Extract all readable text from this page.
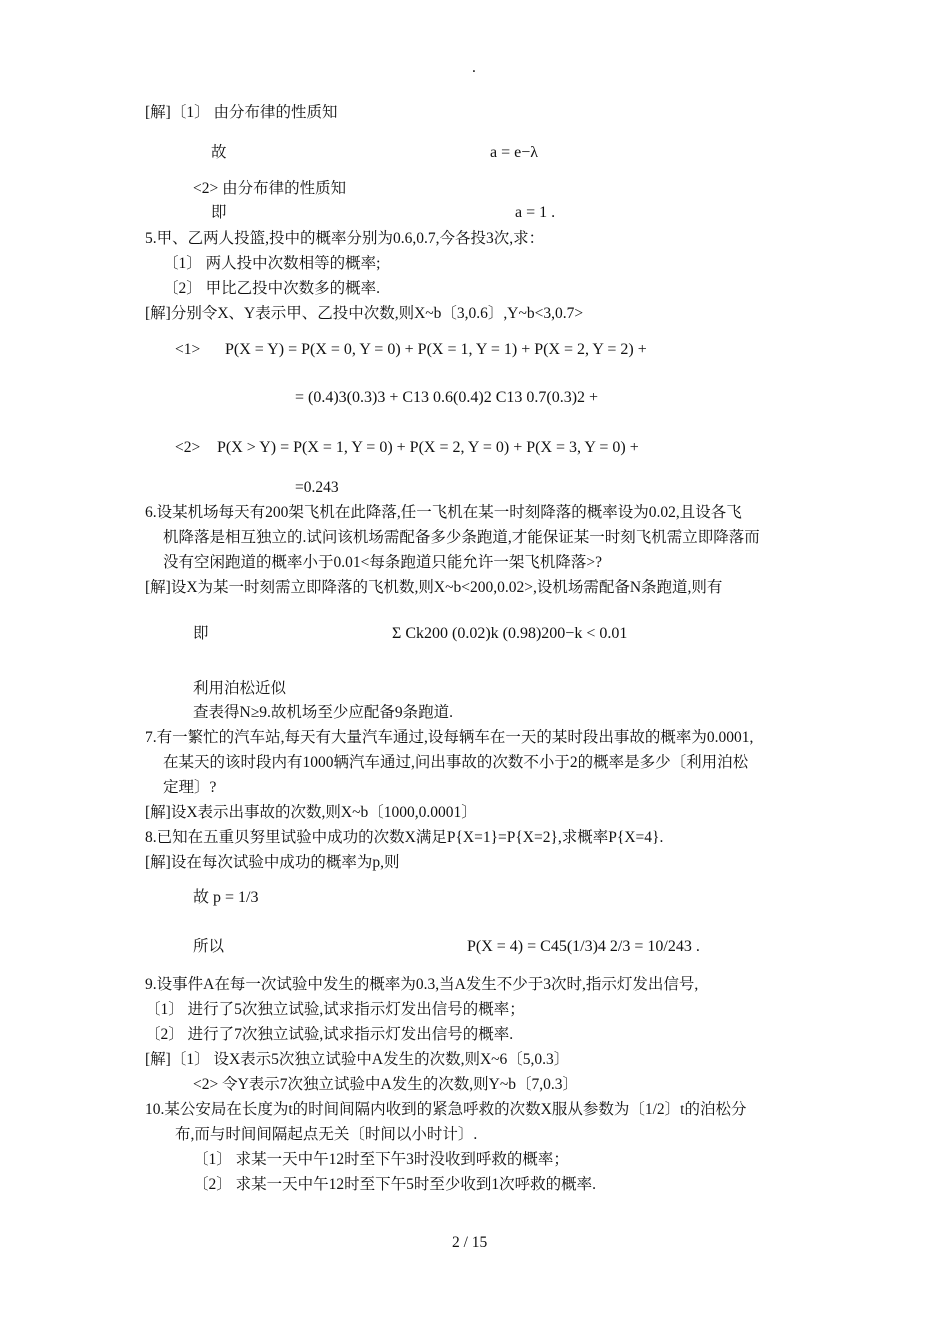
.
[解]〔1〕 由分布律的性质知
故	a = e−λ
<2> 由分布律的性质知
即	a = 1 .
5.甲、乙两人投篮,投中的概率分别为0.6,0.7,今各投3次,求：
〔1〕 两人投中次数相等的概率;
〔2〕 甲比乙投中次数多的概率.
[解]分别令X、Y表示甲、乙投中次数,则X~b〔3,0.6〕,Y~b<3,0.7>
<1> P(X = Y) = P(X = 0, Y = 0) + P(X = 1, Y = 1) + P(X = 2, Y = 2) +
= (0.4)3(0.3)3 + C13 0.6(0.4)2 C13 0.7(0.3)2 +
<2> P(X > Y) = P(X = 1, Y = 0) + P(X = 2, Y = 0) + P(X = 3, Y = 0) +
=0.243
6.设某机场每天有200架飞机在此降落,任一飞机在某一时刻降落的概率设为0.02,且设各飞
机降落是相互独立的.试问该机场需配备多少条跑道,才能保证某一时刻飞机需立即降落而
没有空闲跑道的概率小于0.01<每条跑道只能允许一架飞机降落>?
[解]设X为某一时刻需立即降落的飞机数,则X~b<200,0.02>,设机场需配备N条跑道,则有
即	Σ Ck200 (0.02)k (0.98)200−k < 0.01
利用泊松近似
查表得N≥9.故机场至少应配备9条跑道.
7.有一繁忙的汽车站,每天有大量汽车通过,设每辆车在一天的某时段出事故的概率为0.0001,
在某天的该时段内有1000辆汽车通过,问出事故的次数不小于2的概率是多少〔利用泊松
定理〕?
[解]设X表示出事故的次数,则X~b〔1000,0.0001〕
8.已知在五重贝努里试验中成功的次数X满足P{X=1}=P{X=2},求概率P{X=4}.
[解]设在每次试验中成功的概率为p,则
故 p = 1/3
所以	P(X = 4) = C45(1/3)4 2/3 = 10/243 .
9.设事件A在每一次试验中发生的概率为0.3,当A发生不少于3次时,指示灯发出信号,
〔1〕 进行了5次独立试验,试求指示灯发出信号的概率；
〔2〕 进行了7次独立试验,试求指示灯发出信号的概率.
[解]〔1〕 设X表示5次独立试验中A发生的次数,则X~6〔5,0.3〕
<2> 令Y表示7次独立试验中A发生的次数,则Y~b〔7,0.3〕
10.某公安局在长度为t的时间间隔内收到的紧急呼救的次数X服从参数为〔1/2〕t的泊松分
布,而与时间间隔起点无关〔时间以小时计〕.
〔1〕 求某一天中午12时至下午3时没收到呼救的概率；
〔2〕 求某一天中午12时至下午5时至少收到1次呼救的概率.
2 / 15
